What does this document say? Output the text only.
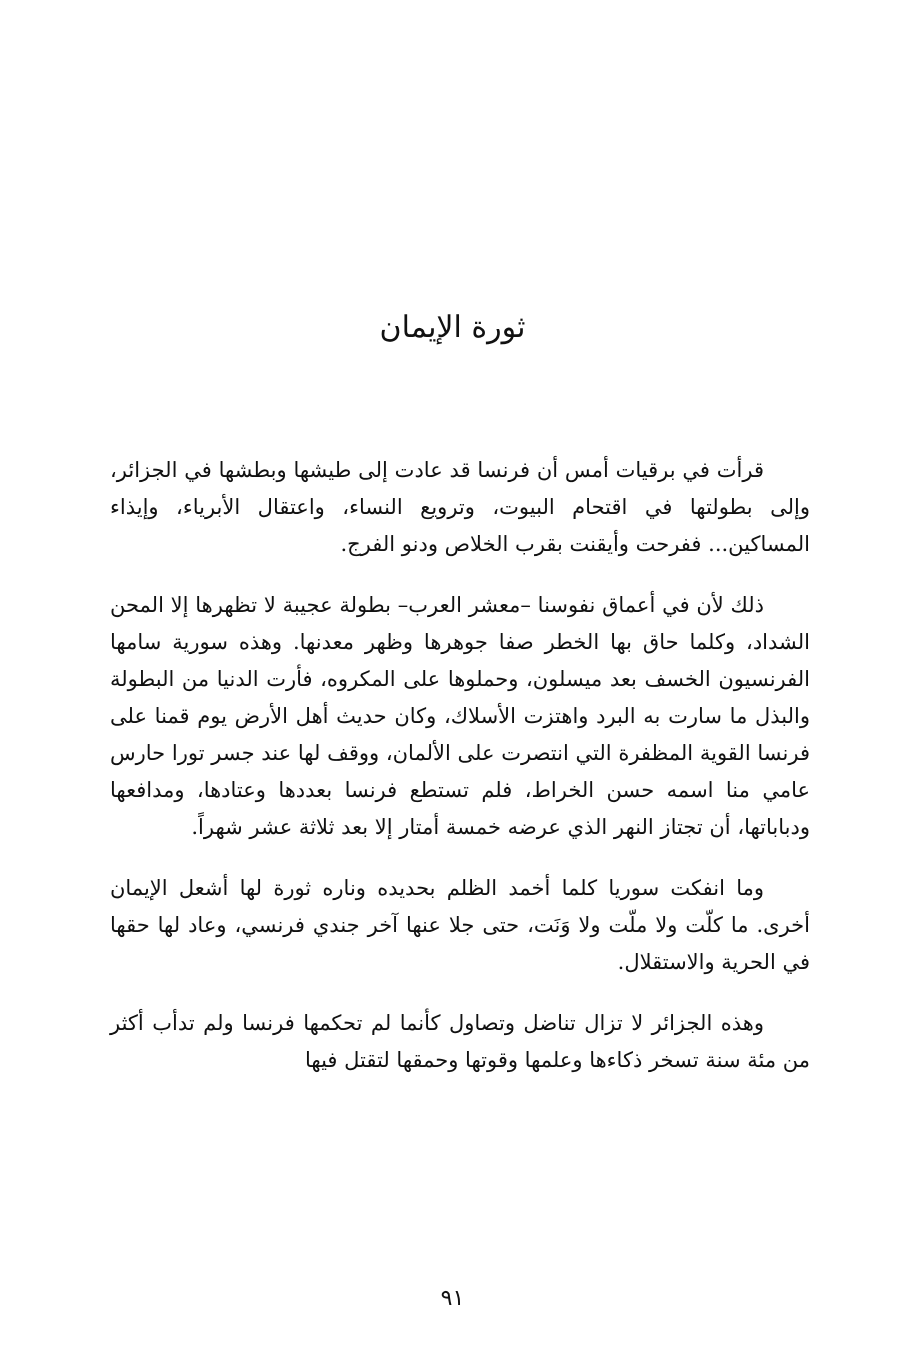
ثورة الإيمان

قرأت في برقيات أمس أن فرنسا قد عادت إلى طيشها وبطشها في الجزائر، وإلى بطولتها في اقتحام البيوت، وترويع النساء، واعتقال الأبرياء، وإيذاء المساكين... ففرحت وأيقنت بقرب الخلاص ودنو الفرج.

ذلك لأن في أعماق نفوسنا –معشر العرب– بطولة عجيبة لا تظهرها إلا المحن الشداد، وكلما حاق بها الخطر صفا جوهرها وظهر معدنها. وهذه سورية سامها الفرنسيون الخسف بعد ميسلون، وحملوها على المكروه، فأرت الدنيا من البطولة والبذل ما سارت به البرد واهتزت الأسلاك، وكان حديث أهل الأرض يوم قمنا على فرنسا القوية المظفرة التي انتصرت على الألمان، ووقف لها عند جسر تورا حارس عامي منا اسمه حسن الخراط، فلم تستطع فرنسا بعددها وعتادها، ومدافعها ودباباتها، أن تجتاز النهر الذي عرضه خمسة أمتار إلا بعد ثلاثة عشر شهراً.

وما انفكت سوريا كلما أخمد الظلم بحديده وناره ثورة لها أشعل الإيمان أخرى. ما كلّت ولا ملّت ولا وَنَت، حتى جلا عنها آخر جندي فرنسي، وعاد لها حقها في الحرية والاستقلال.

وهذه الجزائر لا تزال تناضل وتصاول كأنما لم تحكمها فرنسا ولم تدأب أكثر من مئة سنة تسخر ذكاءها وعلمها وقوتها وحمقها لتقتل فيها

٩١
